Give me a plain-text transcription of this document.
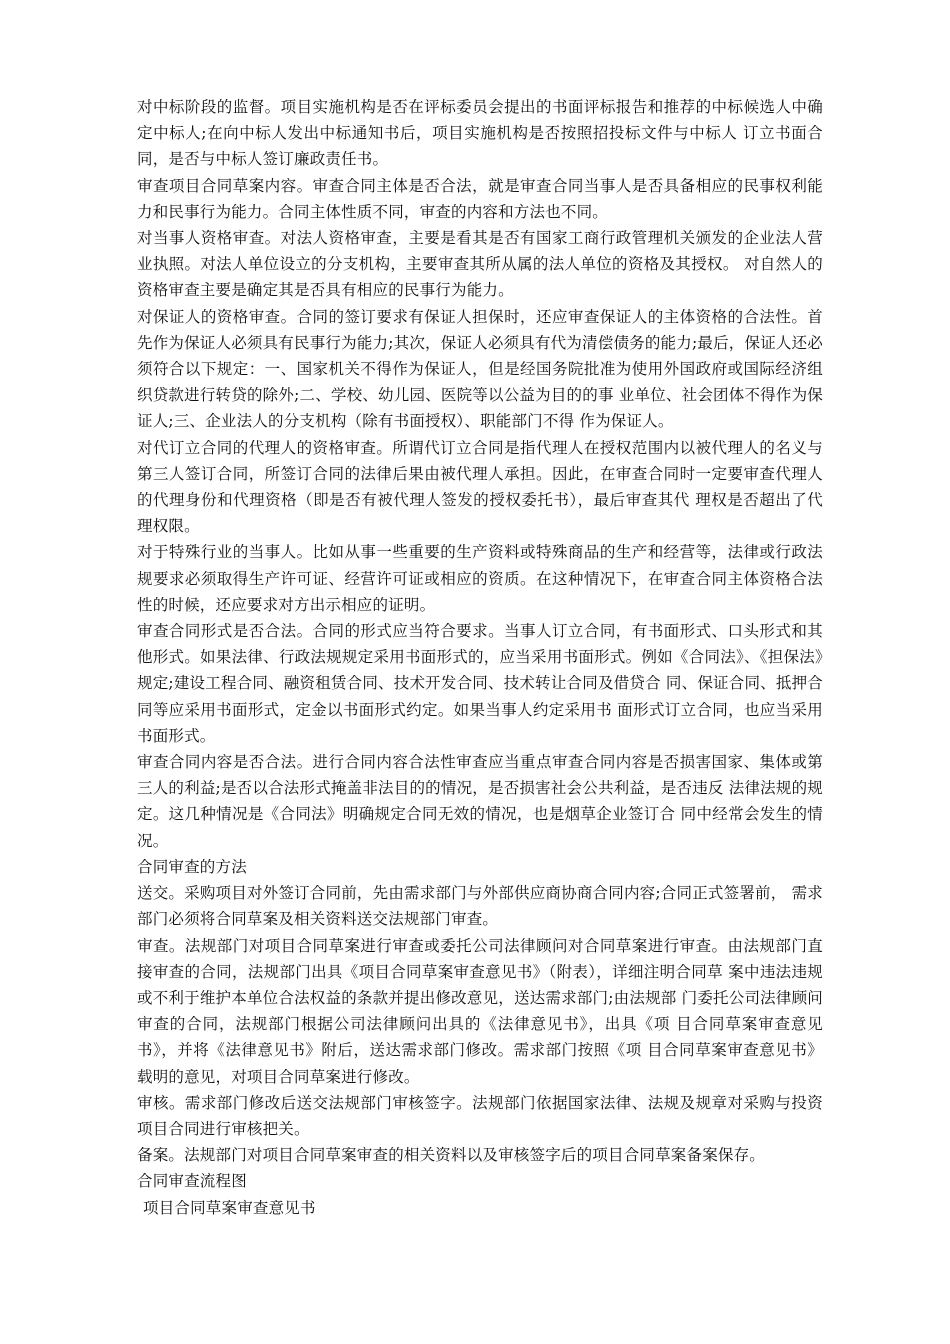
对中标阶段的监督。项目实施机构是否在评标委员会提出的书面评标报告和推荐的中标候选人中确定中标人;在向中标人发出中标通知书后，项目实施机构是否按照招投标文件与中标人 订立书面合同，是否与中标人签订廉政责任书。

审查项目合同草案内容。审查合同主体是否合法，就是审查合同当事人是否具备相应的民事权利能力和民事行为能力。合同主体性质不同，审查的内容和方法也不同。

对当事人资格审查。对法人资格审查，主要是看其是否有国家工商行政管理机关颁发的企业法人营业执照。对法人单位设立的分支机构，主要审查其所从属的法人单位的资格及其授权。 对自然人的资格审查主要是确定其是否具有相应的民事行为能力。

对保证人的资格审查。合同的签订要求有保证人担保时，还应审查保证人的主体资格的合法性。首先作为保证人必须具有民事行为能力;其次，保证人必须具有代为清偿债务的能力;最后，保证人还必须符合以下规定：一、国家机关不得作为保证人，但是经国务院批准为使用外国政府或国际经济组织贷款进行转贷的除外;二、学校、幼儿园、医院等以公益为目的的事 业单位、社会团体不得作为保证人;三、企业法人的分支机构（除有书面授权）、职能部门不得 作为保证人。

对代订立合同的代理人的资格审查。所谓代订立合同是指代理人在授权范围内以被代理人的名义与第三人签订合同，所签订合同的法律后果由被代理人承担。因此，在审查合同时一定要审查代理人的代理身份和代理资格（即是否有被代理人签发的授权委托书），最后审查其代 理权是否超出了代理权限。

对于特殊行业的当事人。比如从事一些重要的生产资料或特殊商品的生产和经营等，法律或行政法规要求必须取得生产许可证、经营许可证或相应的资质。在这种情况下，在审查合同主体资格合法性的时候，还应要求对方出示相应的证明。

审查合同形式是否合法。合同的形式应当符合要求。当事人订立合同，有书面形式、口头形式和其他形式。如果法律、行政法规规定采用书面形式的，应当采用书面形式。例如《合同法》、《担保法》规定;建设工程合同、融资租赁合同、技术开发合同、技术转让合同及借贷合 同、保证合同、抵押合同等应采用书面形式，定金以书面形式约定。如果当事人约定采用书 面形式订立合同，也应当采用书面形式。

审查合同内容是否合法。进行合同内容合法性审查应当重点审查合同内容是否损害国家、集体或第三人的利益;是否以合法形式掩盖非法目的的情况，是否损害社会公共利益，是否违反 法律法规的规定。这几种情况是《合同法》明确规定合同无效的情况，也是烟草企业签订合 同中经常会发生的情况。

合同审查的方法

送交。采购项目对外签订合同前，先由需求部门与外部供应商协商合同内容;合同正式签署前， 需求部门必须将合同草案及相关资料送交法规部门审查。

审查。法规部门对项目合同草案进行审查或委托公司法律顾问对合同草案进行审查。由法规部门直接审查的合同，法规部门出具《项目合同草案审查意见书》（附表），详细注明合同草 案中违法违规或不利于维护本单位合法权益的条款并提出修改意见，送达需求部门;由法规部 门委托公司法律顾问审查的合同，法规部门根据公司法律顾问出具的《法律意见书》，出具《项 目合同草案审查意见书》，并将《法律意见书》附后，送达需求部门修改。需求部门按照《项 目合同草案审查意见书》载明的意见，对项目合同草案进行修改。

审核。需求部门修改后送交法规部门审核签字。法规部门依据国家法律、法规及规章对采购与投资项目合同进行审核把关。

备案。法规部门对项目合同草案审查的相关资料以及审核签字后的项目合同草案备案保存。

合同审查流程图

项目合同草案审查意见书
